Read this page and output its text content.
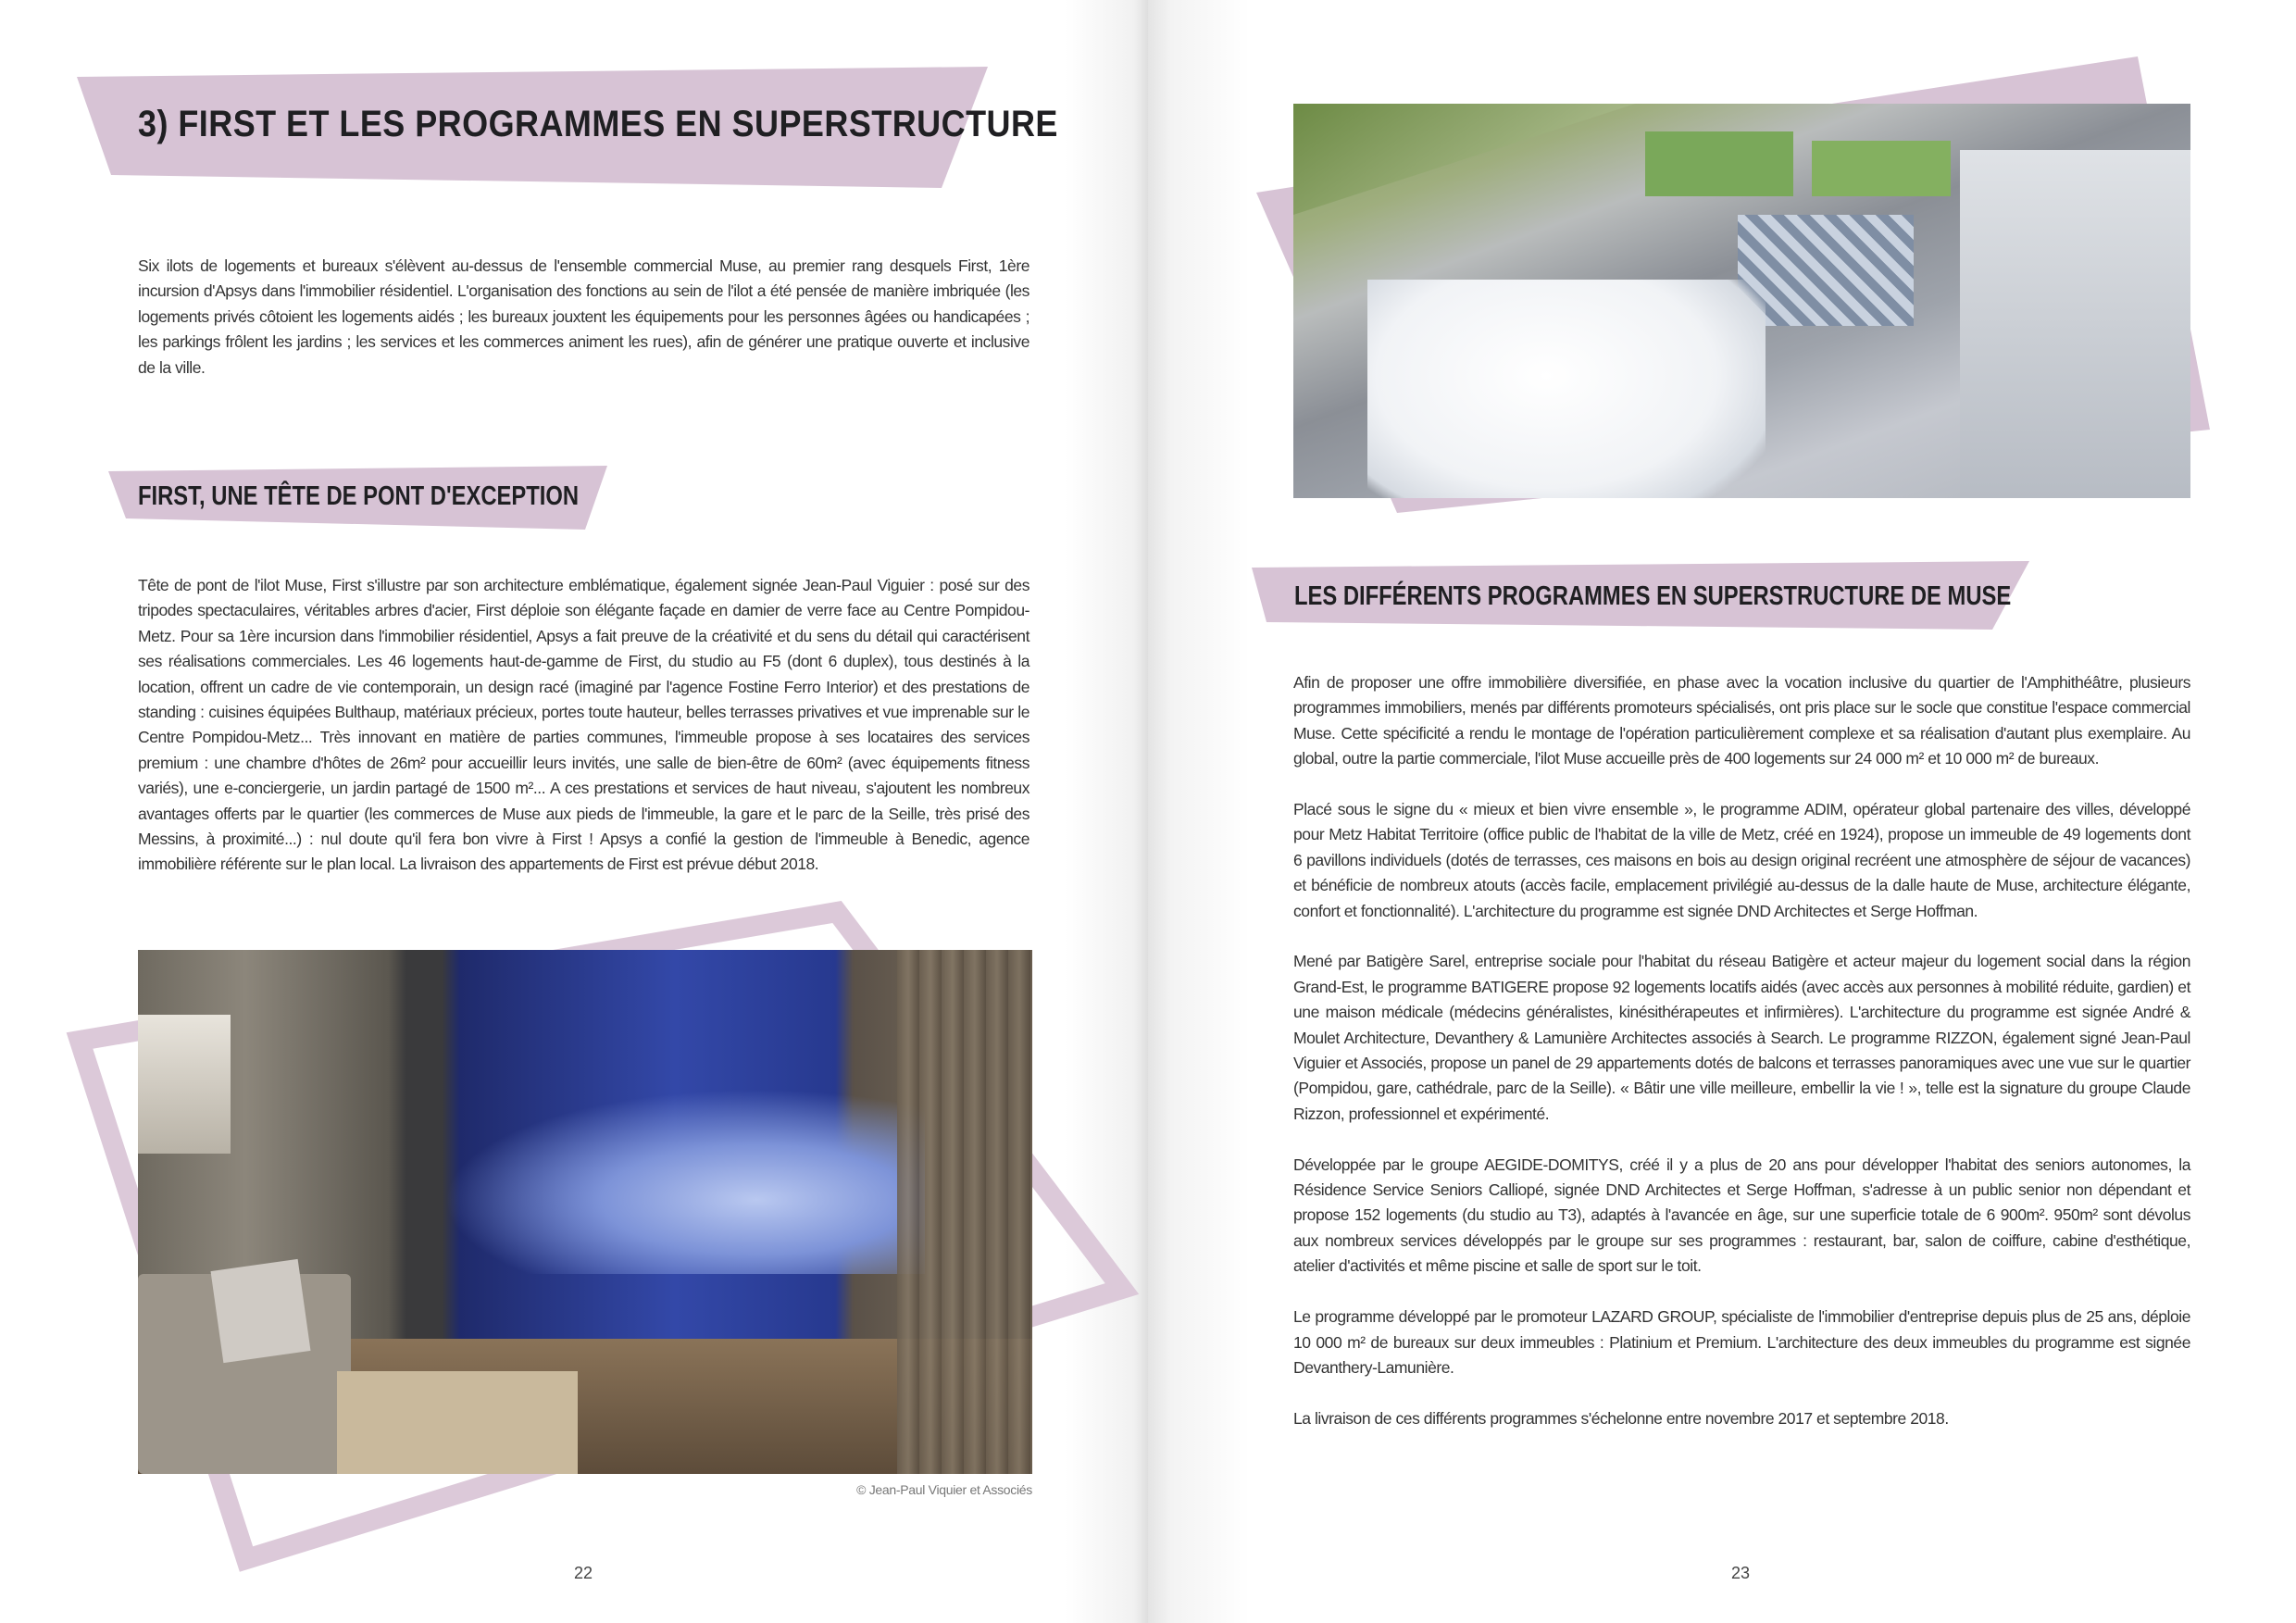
3) FIRST ET LES PROGRAMMES EN SUPERSTRUCTURE

Six ilots de logements et bureaux s'élèvent au-dessus de l'ensemble commercial Muse, au premier rang desquels First, 1ère incursion d'Apsys dans l'immobilier résidentiel. L'organisation des fonctions au sein de l'ilot a été pensée de manière imbriquée (les logements privés côtoient les logements aidés ; les bureaux jouxtent les équipements pour les personnes âgées ou handicapées ; les parkings frôlent les jardins ; les services et les commerces animent les rues), afin de générer une pratique ouverte et inclusive de la ville.

FIRST, UNE TÊTE DE PONT D'EXCEPTION

Tête de pont de l'ilot Muse, First s'illustre par son architecture emblématique, également signée Jean-Paul Viguier : posé sur des tripodes spectaculaires, véritables arbres d'acier, First déploie son élégante façade en damier de verre face au Centre Pompidou-Metz. Pour sa 1ère incursion dans l'immobilier résidentiel, Apsys a fait preuve de la créativité et du sens du détail qui caractérisent ses réalisations commerciales. Les 46 logements haut-de-gamme de First, du studio au F5 (dont 6 duplex), tous destinés à la location, offrent un cadre de vie contemporain, un design racé (imaginé par l'agence Fostine Ferro Interior) et des prestations de standing : cuisines équipées Bulthaup, matériaux précieux, portes toute hauteur, belles terrasses privatives et vue imprenable sur le Centre Pompidou-Metz... Très innovant en matière de parties communes, l'immeuble propose à ses locataires des services premium : une chambre d'hôtes de 26m² pour accueillir leurs invités, une salle de bien-être de 60m² (avec équipements fitness variés), une e-conciergerie, un jardin partagé de 1500 m²... A ces prestations et services de haut niveau, s'ajoutent les nombreux avantages offerts par le quartier (les commerces de Muse aux pieds de l'immeuble, la gare et le parc de la Seille, très prisé des Messins, à proximité...) : nul doute qu'il fera bon vivre à First ! Apsys a confié la gestion de l'immeuble à Benedic, agence immobilière référente sur le plan local. La livraison des appartements de First est prévue début 2018.

© Jean-Paul Viquier et Associés
22
LES DIFFÉRENTS PROGRAMMES EN SUPERSTRUCTURE DE MUSE

Afin de proposer une offre immobilière diversifiée, en phase avec la vocation inclusive du quartier de l'Amphithéâtre, plusieurs programmes immobiliers, menés par différents promoteurs spécialisés, ont pris place sur le socle que constitue l'espace commercial Muse. Cette spécificité a rendu le montage de l'opération particulièrement complexe et sa réalisation d'autant plus exemplaire. Au global, outre la partie commerciale, l'ilot Muse accueille près de 400 logements sur 24 000 m² et 10 000 m² de bureaux.

Placé sous le signe du « mieux et bien vivre ensemble », le programme ADIM, opérateur global partenaire des villes, développé pour Metz Habitat Territoire (office public de l'habitat de la ville de Metz, créé en 1924), propose un immeuble de 49 logements dont 6 pavillons individuels (dotés de terrasses, ces maisons en bois au design original recréent une atmosphère de séjour de vacances) et bénéficie de nombreux atouts (accès facile, emplacement privilégié au-dessus de la dalle haute de Muse, architecture élégante, confort et fonctionnalité). L'architecture du programme est signée DND Architectes et Serge Hoffman.

Mené par Batigère Sarel, entreprise sociale pour l'habitat du réseau Batigère et acteur majeur du logement social dans la région Grand-Est, le programme BATIGERE propose 92 logements locatifs aidés (avec accès aux personnes à mobilité réduite, gardien) et une maison médicale (médecins généralistes, kinésithérapeutes et infirmières). L'architecture du programme est signée André & Moulet Architecture, Devanthery & Lamunière Architectes associés à Search. Le programme RIZZON, également signé Jean-Paul Viguier et Associés, propose un panel de 29 appartements dotés de balcons et terrasses panoramiques avec une vue sur le quartier (Pompidou, gare, cathédrale, parc de la Seille). « Bâtir une ville meilleure, embellir la vie ! », telle est la signature du groupe Claude Rizzon, professionnel et expérimenté.

Développée par le groupe AEGIDE-DOMITYS, créé il y a plus de 20 ans pour développer l'habitat des seniors autonomes, la Résidence Service Seniors Calliopé, signée DND Architectes et Serge Hoffman, s'adresse à un public senior non dépendant et propose 152 logements (du studio au T3), adaptés à l'avancée en âge, sur une superficie totale de 6 900m². 950m² sont dévolus aux nombreux services développés par le groupe sur ses programmes : restaurant, bar, salon de coiffure, cabine d'esthétique, atelier d'activités et même piscine et salle de sport sur le toit.

Le programme développé par le promoteur LAZARD GROUP, spécialiste de l'immobilier d'entreprise depuis plus de 25 ans, déploie 10 000 m² de bureaux sur deux immeubles : Platinium et Premium. L'architecture des deux immeubles du programme est signée Devanthery-Lamunière.

La livraison de ces différents programmes s'échelonne entre novembre 2017 et septembre 2018.

23
